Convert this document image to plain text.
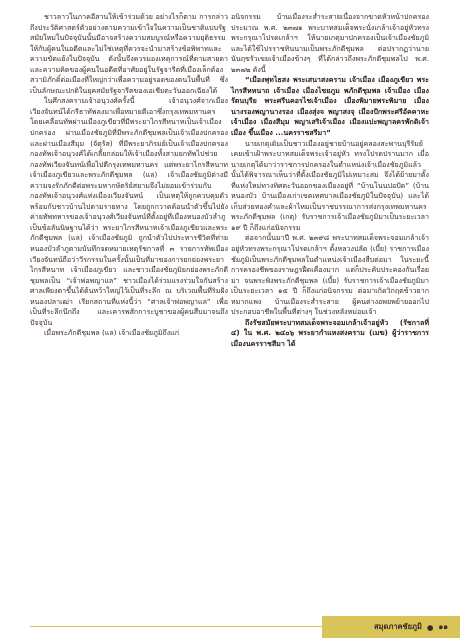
ชาวลาวในภาคอีสานให้เข้าร่วมด้วย อย่างไรก็ตาม การกล่าวถึงประวัติศาสตร์ตัวอย่างตามความเข้าใจในความเป็นชาติแบบรัฐสมัยใหม่ในปัจจุบันนั้นมีอาจสร้างความสมบูรณ์หรือความยุติธรรมให้กับผู้คนในอดีตและไม่ใช่เหตุที่ควรจะนำมาสร้างข้อพิพาทและความขัดแย้งในปัจจุบัน ดังนั้นจึงควรมองเหตุการณ์ที่ตามสายตาและความคิดของผู้คนในอดีตที่อาศัยอยู่ในรัฐจารีตที่เมืองเล็กต้องสวามิภักดิ์ต่อเมืองที่ใหญ่กว่าเพื่อความอยู่รอดของตนในพื้นที่ ซึ่งเป็นลักษณะปกติในยุคสมัยรัฐจารีตของเอเชียตะวันออกเฉียงใต้

ในศึกสงครามเจ้าอนุวงศ์ครั้งนี้ เจ้าอนุวงศ์จากเมืองเวียงจันทน์ได้กรีธาทัพลงมาเพื่อหมายตีเอาซึ่งกรุงเทพมหานคร โดยเคลื่อนทัพผ่านเมืองภูเขียวที่มีพระยาไกรสีหนาทเป็นเจ้าเมืองปกครอง ผ่านเมืองชัยภูมิที่มีพระภักดีชุมพลเป็นเจ้าเมืองปกครอง และผ่านเมืองสีมุม (จัตุรัส) ที่มีพระยาภิรมย์เป็นเจ้าเมืองปกครอง กองทัพเจ้าอนุวงศ์ได้เกลี้ยกล่อมให้เจ้าเมืองทั้งสามยกทัพไปช่วยกองทัพเวียงจันทน์เพื่อไปตีกรุงเทพมหานคร แต่พระยาไกรสีหนาทเจ้าเมืองภูเขียวและพระภักดีชุมพล (แล) เจ้าเมืองชัยภูมิต่างมีความจงรักภักดีต่อพระมหากษัตริย์สยามจึงไม่ยอมเข้าร่วมกับกองทัพเจ้าอนุวงศ์แห่งเมืองเวียงจันทน์ เป็นเหตุให้ถูกควบคุมตัวพร้อมกับชาวบ้านไปตามรายทาง โดยถูกกวาดต้อนนำตัวขึ้นไปยังค่ายทัพทหารของเจ้าอนุวงศ์เวียงจันทน์ที่ตั้งอยู่ที่เมืองหนองบัวลำภู เป็นข้อลันนิษฐานได้ว่า พระยาไกรสีหนาทเจ้าเมืองภูเขียวและพระภักดีชุมพล (แล) เจ้าเมืองชัยภูมิ ถูกนำตัวไปประหารชีวิตที่ท่ายหนองบัวลำภูตามบันทึกจดหมายเหตุรัชกาลที่ ๓ รายการทัพเมืองเวียงจันทน์ถือว่าวีรกรรมในครั้งนั้นเป็นที่มาของการยกย่องพระยาไกรสีหนาท เจ้าเมืองภูเขียว และชาวเมืองชัยภูมิยกย่องพระภักดีชุมพลเป็น “เจ้าพ่อพญาแล” ชาวเมืองได้ร่วมแรงร่วมใจกันสร้างศาลเพียงตาขึ้นได้ต้นหว้าใหญ่ไว้เป็นที่ระลึก ณ บริเวณพื้นที่ริมฝั่งหนองปลาเฒ่า เรียกสถานที่แห่งนี้ว่า “ศาลเจ้าพ่อพญาแล” เพื่อเป็นที่ระลึกนึกถึง และเคารพสักการะบูชาของผู้คนสืบมาจนถึงปัจจุบัน

เมื่อพระภักดีชุมพล (แล) เจ้าเมืองชัยภูมิถึงแก่

อนิจกรรม บ้านเมืองระส่ำระสายเนื่องจากขาดหัวหน้าปกครองประมาณ พ.ศ. ๒๓๗๑ พระบาทสมเด็จพระนั่งเกล้าเจ้าอยู่หัวทรงพระกรุณาโปรดเกล้าฯ ให้นายเกตุมาปกครองเป็นเจ้าเมืองชัยภูมิ และได้ใช้ไปรราชทินนามเป็นพระภักดีชุมพล ต่อปรากฏว่านายนันฤขรัวเขยเจ้าเมืองข้างๆ ที่ได้กล่าวถึงพระภักดีชุมพลไป พ.ศ. ๒๓๗๒ ดังนี้

“เมืองพุทไธสง พระเสนาสงคราม เจ้าเมือง เมืองภูเขียว พระไกรสีหหนาถ เจ้าเมือง เมืองไชยภูม พภักดีชุมพล เจ้าเมือง เมืองรัตนบุรีย พระศรีนคอรไชเจ้าเมือง เมืองพิมายพระพิมาย เมืองนางรองพญานางรอง เมืองสุ่งจ พญาสงจุ เมืองปักพระศรีอัคคาหะ เจ้าเมือง เมืองสีมุม พญาเสริเจ้าเมือง เมืองแปะพญาลครพักดิเจ้าเมือง ขึ้นเมือง ...นครราชสรีมา”

นายเกตุเดิมเป็นชาวเมืองอยู่ชายบ้านอยู่คลองสะพานบุรีรัมย์ เคยเข้าเฝ้าพระบาทสมเด็จพระเจ้าอยู่หัว ทรงโปรดปรานมาก เมื่อนายเกตุได้มาว่าราชการปกครองในตำแหน่งเจ้าเมืองชัยภูมิแล้วนั้นได้พิจารณาเห็นว่าที่ตั้งเมืองชัยภูมิไม่เหมาะสม จึงได้ย้ายมาตั้งที่แห่งใหม่ทางทิศตะวันออกของเมืองอยู่ที่ “บ้านโนนปอปัด” (บ้านหนองบัว บ้านเมืองเก่าเขตเทศบาลเมืองชัยภูมิในปัจจุบัน) และได้เก็บส่วยทองคำและผ้าไหมเป็นราชบรรณาการส่งกรุงเทพมหานคร พระภักดีชุมพล (เกตุ) รับราชการเจ้าเมืองชัยภูมิมาเป็นระยะเวลา ๑๙ ปี ก็ถึงแก่อนิจกรรม

ต่อจากนั้นมาปี พ.ศ. ๒๓๙๘ พระบาทสมเด็จพระจอมเกล้าเจ้าอยู่หัวทรงพระกรุณาโปรดเกล้าฯ ตั้งหลวงปลัด (เบี้ย) ราชการเมืองชัยภูมิเป็นพระภักดีชุมพลในตำแหน่งเจ้าเมืองสืบต่อมา ในระยะนี้การครองชีพของราษฎรฝืดเคืองมาก แต่ก็ประคับประคองกันเรื่อยมา จนพระพิงพระภักดีชุมพล (เบี้ย) รับราชการเจ้าเมืองชัยภูมิมาเป็นระยะเวลา ๑๕ ปี ก็ถึงแก่อนิจกรรม ต่อมาเกิดวิกฤตข้าวยากหมากแพง บ้านเมืองระส่ำระสาย ผู้คนต่างอพยพย้ายออกไปประกอบอาชีพในพื้นที่ต่างๆ ในช่วงหลังหม่อมเจ้า

ถึงรัชสมัยพระบาทสมเด็จพระจอมเกล้าเจ้าอยู่หัว (รัชกาลที่ ๔) ใน พ.ศ. ๒๔๐๖ พระยากำแหงสงคราม (เมฆ) ผู้ว่าราชการเมืองนครราชสีมา ได้

สมุดภาคชัยภูมิ ● ๑๑
